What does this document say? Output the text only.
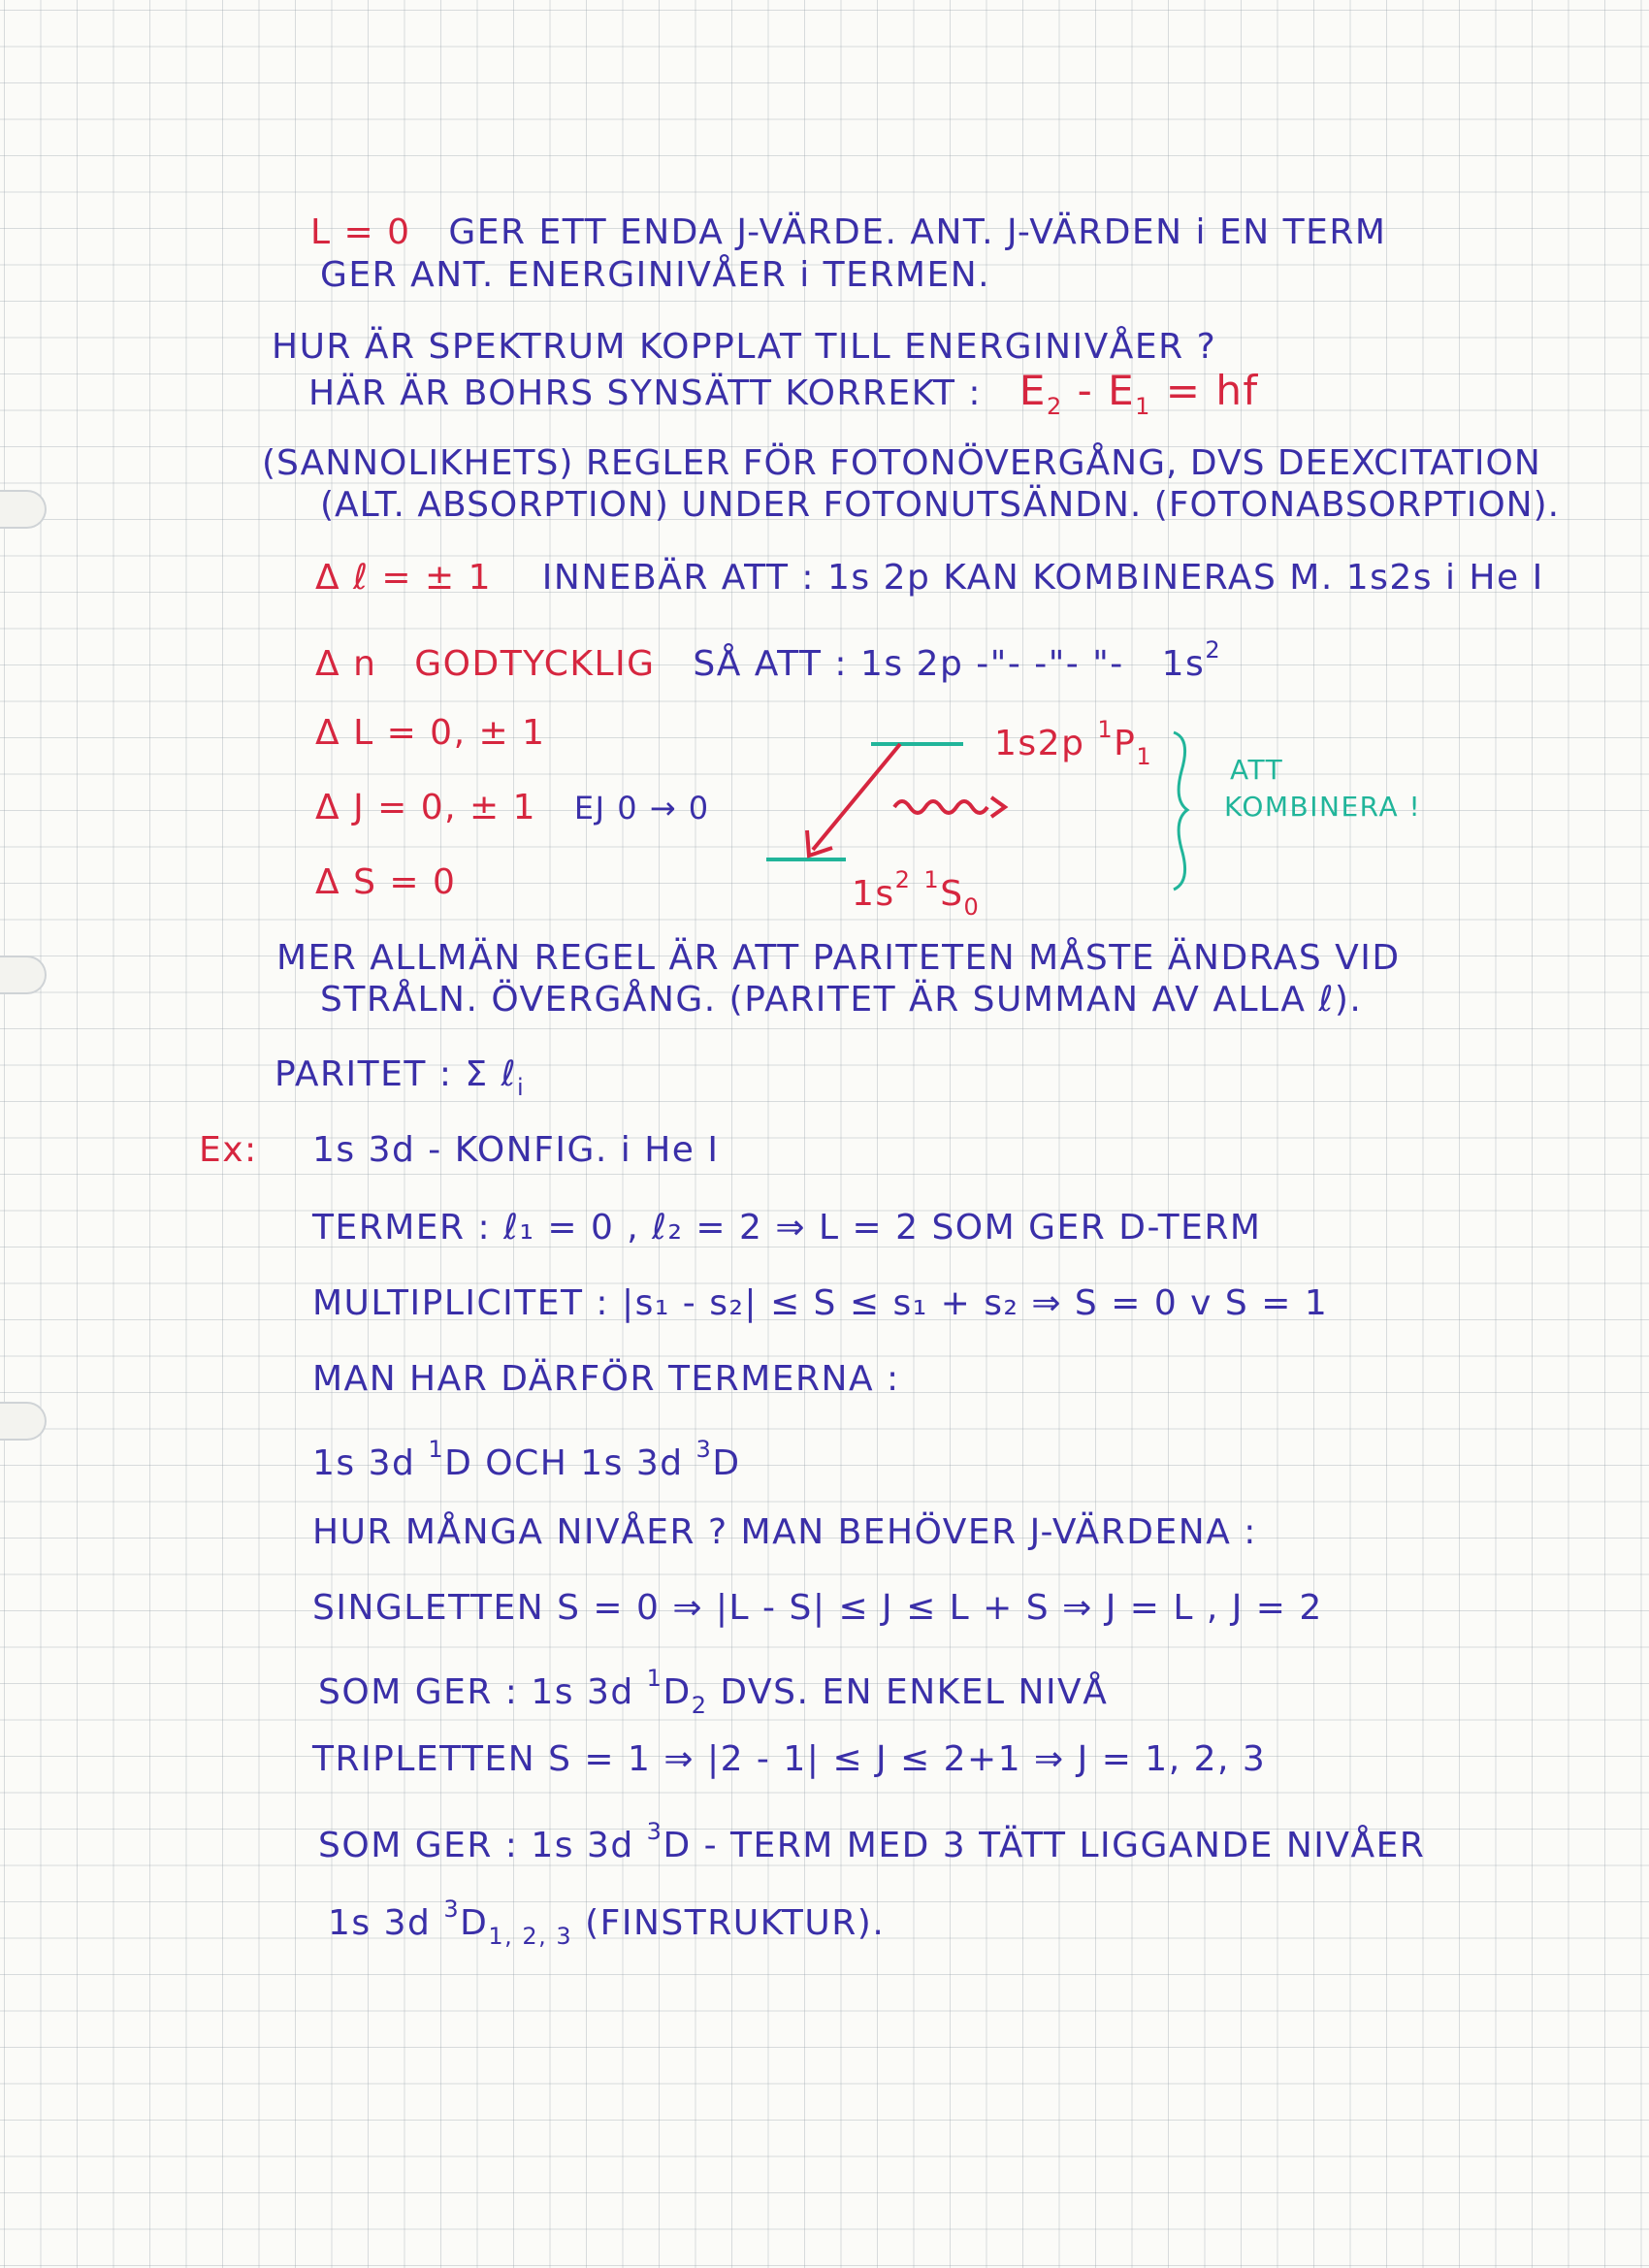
L = 0 GER ETT ENDA J-VÄRDE. ANT. J-VÄRDEN i EN TERM
GER ANT. ENERGINIVÅER i TERMEN.
HUR ÄR SPEKTRUM KOPPLAT TILL ENERGINIVÅER ?
HÄR ÄR BOHRS SYNSÄTT KORREKT : $E_2 - E_1$ = hf
(SANNOLIKHETS) REGLER FÖR FOTONÖVERGÅNG, DVS DEEXCITATION
(ALT. ABSORPTION) UNDER FOTONUTSÄNDN. (FOTONABSORPTION).
Δ ℓ = ± 1 INNEBÄR ATT : 1s 2p KAN KOMBINERAS M. 1s2s i He I
Δ n GODTYCKLIG SÅ ATT : 1s 2p -"- -"- "- $1s^2$
Δ L = 0, ± 1
Δ J = 0, ± 1 EJ 0 → 0
Δ S = 0
1s2p $^1P_1$
$1s^2$ $^1S_0$
ATT
KOMBINERA !
MER ALLMÄN REGEL ÄR ATT PARITETEN MÅSTE ÄNDRAS VID
STRÅLN. ÖVERGÅNG. (PARITET ÄR SUMMAN AV ALLA ℓ).
PARITET : Σ ℓ$_i$
Ex: 1s 3d - KONFIG. i He I
TERMER : ℓ₁ = 0 , ℓ₂ = 2 ⇒ L = 2 SOM GER D-TERM
MULTIPLICITET : |s₁ - s₂| ≤ S ≤ s₁ + s₂ ⇒ S = 0 v S = 1
MAN HAR DÄRFÖR TERMERNA :
1s 3d $^1$D OCH 1s 3d $^3$D
HUR MÅNGA NIVÅER ? MAN BEHÖVER J-VÄRDENA :
SINGLETTEN S = 0 ⇒ |L - S| ≤ J ≤ L + S ⇒ J = L , J = 2
SOM GER : 1s 3d $^1D_2$ DVS. EN ENKEL NIVÅ
TRIPLETTEN S = 1 ⇒ |2 - 1| ≤ J ≤ 2+1 ⇒ J = 1, 2, 3
SOM GER : 1s 3d $^3$D - TERM MED 3 TÄTT LIGGANDE NIVÅER
1s 3d $^3D_{1, 2, 3}$ (FINSTRUKTUR).
